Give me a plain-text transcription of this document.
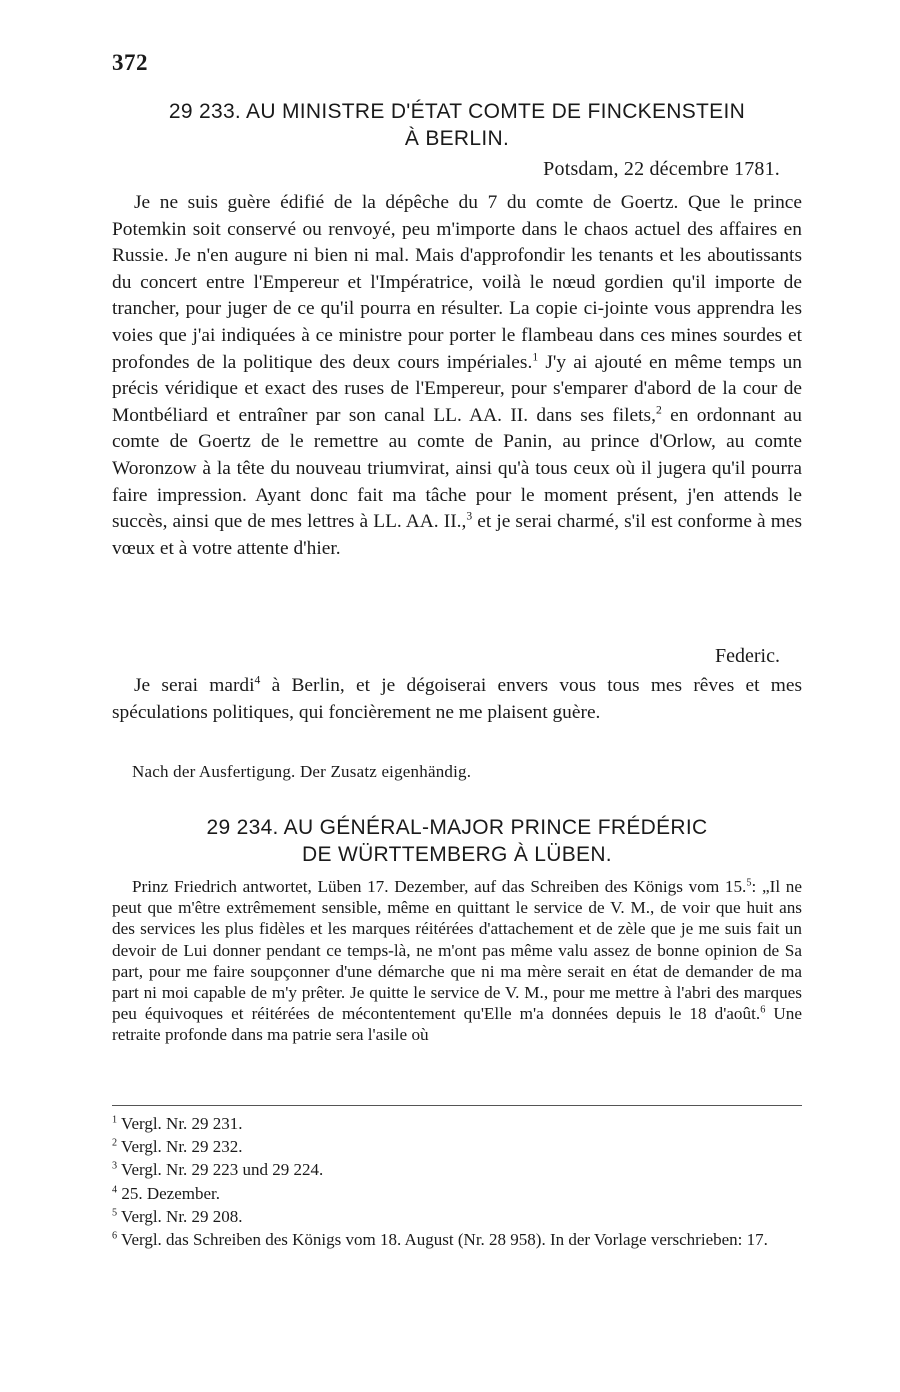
372
29 233. AU MINISTRE D'ÉTAT COMTE DE FINCKENSTEIN
À BERLIN.
Potsdam, 22 décembre 1781.

Je ne suis guère édifié de la dépêche du 7 du comte de Goertz. Que le prince Potemkin soit conservé ou renvoyé, peu m'importe dans le chaos actuel des affaires en Russie. Je n'en augure ni bien ni mal. Mais d'approfondir les tenants et les aboutissants du concert entre l'Empereur et l'Impératrice, voilà le nœud gordien qu'il importe de trancher, pour juger de ce qu'il pourra en résulter. La copie ci-jointe vous apprendra les voies que j'ai indiquées à ce ministre pour porter le flambeau dans ces mines sourdes et profondes de la politique des deux cours impériales.$^1$ J'y ai ajouté en même temps un précis véridique et exact des ruses de l'Empereur, pour s'emparer d'abord de la cour de Montbéliard et entraîner par son canal LL. AA. II. dans ses filets,$^2$ en ordonnant au comte de Goertz de le remettre au comte de Panin, au prince d'Orlow, au comte Woronzow à la tête du nouveau triumvirat, ainsi qu'à tous ceux où il jugera qu'il pourra faire impression. Ayant donc fait ma tâche pour le moment présent, j'en attends le succès, ainsi que de mes lettres à LL. AA. II.,$^3$ et je serai charmé, s'il est conforme à mes vœux et à votre attente d'hier.

Federic.

Je serai mardi$^4$ à Berlin, et je dégoiserai envers vous tous mes rêves et mes spéculations politiques, qui foncièrement ne me plaisent guère.

Nach der Ausfertigung. Der Zusatz eigenhändig.
29 234. AU GÉNÉRAL-MAJOR PRINCE FRÉDÉRIC
DE WÜRTTEMBERG À LÜBEN.

Prinz Friedrich antwortet, Lüben 17. Dezember, auf das Schreiben des Königs vom 15.$^5$: „Il ne peut que m'être extrêmement sensible, même en quittant le service de V. M., de voir que huit ans des services les plus fidèles et les marques réitérées d'attachement et de zèle que je me suis fait un devoir de Lui donner pendant ce temps-là, ne m'ont pas même valu assez de bonne opinion de Sa part, pour me faire soupçonner d'une démarche que ni ma mère serait en état de demander de ma part ni moi capable de m'y prêter. Je quitte le service de V. M., pour me mettre à l'abri des marques peu équivoques et réitérées de mécontentement qu'Elle m'a données depuis le 18 d'août.$^6$ Une retraite profonde dans ma patrie sera l'asile où

$^1$ Vergl. Nr. 29 231.
$^2$ Vergl. Nr. 29 232.
$^3$ Vergl. Nr. 29 223 und 29 224.
$^4$ 25. Dezember.
$^5$ Vergl. Nr. 29 208.
$^6$ Vergl. das Schreiben des Königs vom 18. August (Nr. 28 958). In der Vorlage verschrieben: 17.
